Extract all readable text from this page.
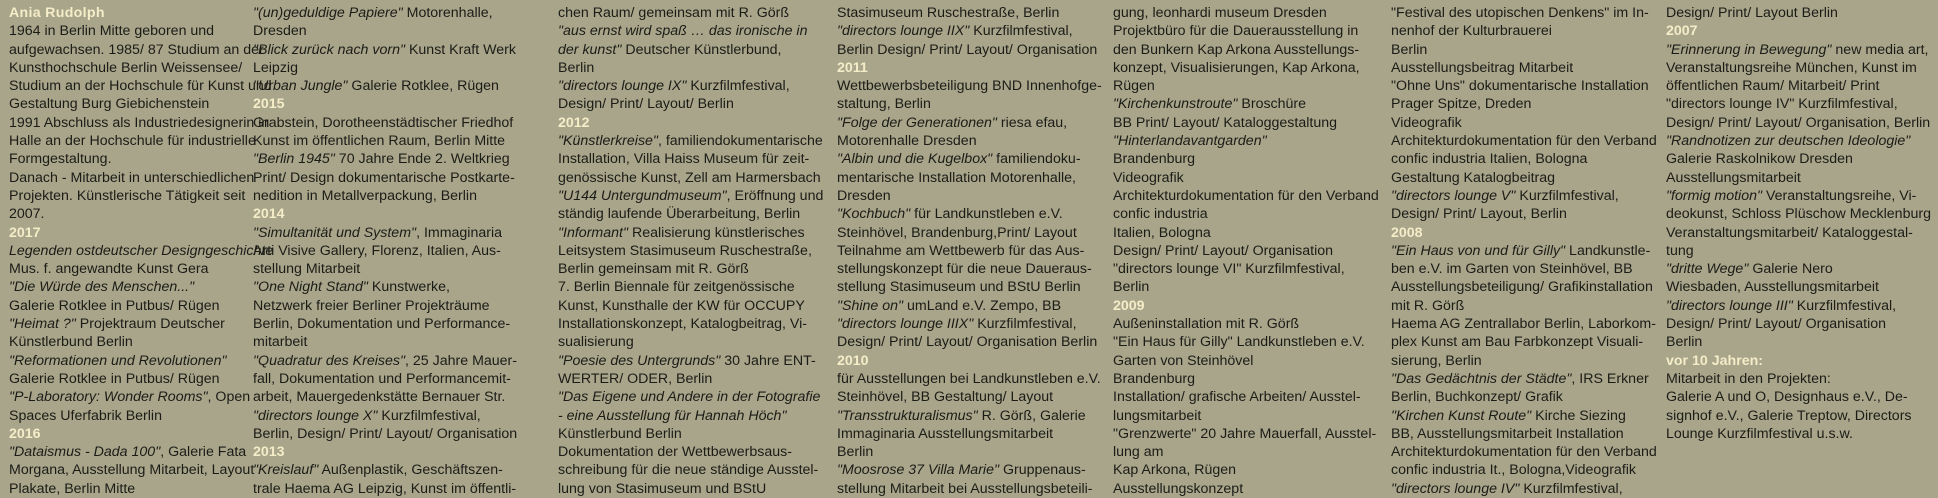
Ania Rudolph
1964 in Berlin Mitte geboren und
aufgewachsen. 1985/ 87 Studium an der
Kunsthochschule Berlin Weissensee/
Studium an der Hochschule für Kunst und
Gestaltung Burg Giebichenstein
1991 Abschluss als Industriedesignerin in
Halle an der Hochschule für industrielle
Formgestaltung.
Danach - Mitarbeit in unterschiedlichen
Projekten. Künstlerische Tätigkeit seit
2007.
2017
Legenden ostdeutscher Designgeschichte
Mus. f. angewandte Kunst Gera
"Die Würde des Menschen..."
Galerie Rotklee in Putbus/ Rügen
"Heimat ?" Projektraum Deutscher
Künstlerbund Berlin
"Reformationen und Revolutionen"
Galerie Rotklee in Putbus/ Rügen
"P-Laboratory: Wonder Rooms", Open
Spaces Uferfabrik Berlin
2016
"Dataismus - Dada 100", Galerie Fata
Morgana, Ausstellung Mitarbeit, Layout
Plakate, Berlin Mitte
"(un)geduldige Papiere" Motorenhalle,
Dresden
"Blick zurück nach vorn" Kunst Kraft Werk
Leipzig
"Urban Jungle" Galerie Rotklee, Rügen
2015
Grabstein, Dorotheenstädtischer Friedhof
Kunst im öffentlichen Raum, Berlin Mitte
"Berlin 1945" 70 Jahre Ende 2. Weltkrieg
Print/ Design dokumentarische Postkarte-
nedition in Metallverpackung, Berlin
2014
"Simultanität und System", Immaginaria
Arti Visive Gallery, Florenz, Italien, Aus-
stellung Mitarbeit
"One Night Stand" Kunstwerke,
Netzwerk freier Berliner Projekträume
Berlin, Dokumentation und Performance-
mitarbeit
"Quadratur des Kreises", 25 Jahre Mauer-
fall, Dokumentation und Performancemit-
arbeit, Mauergedenkstätte Bernauer Str.
"directors lounge X" Kurzfilmfestival,
Berlin, Design/ Print/ Layout/ Organisation
2013
"Kreislauf" Außenplastik, Geschäftszen-
trale Haema AG Leipzig, Kunst im öffentli-
chen Raum/ gemeinsam mit R. Görß
"aus ernst wird spaß … das ironische in
der kunst" Deutscher Künstlerbund,
Berlin
"directors lounge IX" Kurzfilmfestival,
Design/ Print/ Layout/ Berlin
2012
"Künstlerkreise", familiendokumentarische
Installation, Villa Haiss Museum für zeit-
genössische Kunst, Zell am Harmersbach
"U144 Untergundmuseum", Eröffnung und
ständig laufende Überarbeitung, Berlin
"Informant" Realisierung künstlerisches
Leitsystem Stasimuseum Ruschestraße,
Berlin gemeinsam mit R. Görß
7. Berlin Biennale für zeitgenössische
Kunst, Kunsthalle der KW für OCCUPY
Installationskonzept, Katalogbeitrag, Vi-
sualisierung
"Poesie des Untergrunds" 30 Jahre ENT-
WERTER/ ODER, Berlin
"Das Eigene und Andere in der Fotografie
- eine Ausstellung für Hannah Höch"
Künstlerbund Berlin
Dokumentation der Wettbewerbsaus-
schreibung für die neue ständige Ausstel-
lung von Stasimuseum und BStU
Stasimuseum Ruschestraße, Berlin
"directors lounge IIX" Kurzfilmfestival,
Berlin Design/ Print/ Layout/ Organisation
2011
Wettbewerbsbeteiligung BND Innenhofge-
staltung, Berlin
"Folge der Generationen" riesa efau,
Motorenhalle Dresden
"Albin und die Kugelbox" familiendoku-
mentarische Installation Motorenhalle,
Dresden
"Kochbuch" für Landkunstleben e.V.
Steinhövel, Brandenburg,Print/ Layout
Teilnahme am Wettbewerb für das Aus-
stellungskonzept für die neue Daueraus-
stellung Stasimuseum und BStU Berlin
"Shine on" umLand e.V. Zempo, BB
"directors lounge IIIX" Kurzfilmfestival,
Design/ Print/ Layout/ Organisation Berlin
2010
für Ausstellungen bei Landkunstleben e.V.
Steinhövel, BB Gestaltung/ Layout
"Transstrukturalismus" R. Görß, Galerie
Immaginaria Ausstellungsmitarbeit
Berlin
"Moosrose 37 Villa Marie" Gruppenaus-
stellung Mitarbeit bei Ausstellungsbeteili-
gung, leonhardi museum Dresden
Projektbüro für die Dauerausstellung in
den Bunkern Kap Arkona Ausstellungs-
konzept, Visualisierungen, Kap Arkona,
Rügen
"Kirchenkunstroute" Broschüre
BB Print/ Layout/ Kataloggestaltung
"Hinterlandavantgarden"
Brandenburg
Videografik
Architekturdokumentation für den Verband
confic industria
Italien, Bologna
Design/ Print/ Layout/ Organisation
"directors lounge VI" Kurzfilmfestival,
Berlin
2009
Außeninstallation mit R. Görß
"Ein Haus für Gilly" Landkunstleben e.V.
Garten von Steinhövel
Brandenburg
Installation/ grafische Arbeiten/ Ausstel-
lungsmitarbeit
"Grenzwerte" 20 Jahre Mauerfall, Ausstel-
lung am
Kap Arkona, Rügen
Ausstellungskonzept
"Festival des utopischen Denkens" im In-
nenhof der Kulturbrauerei
Berlin
Ausstellungsbeitrag Mitarbeit
"Ohne Uns" dokumentarische Installation
Prager Spitze, Dreden
Videografik
Architekturdokumentation für den Verband
confic industria Italien, Bologna
Gestaltung Katalogbeitrag
"directors lounge V" Kurzfilmfestival,
Design/ Print/ Layout, Berlin
2008
"Ein Haus von und für Gilly" Landkunstle-
ben e.V. im Garten von Steinhövel, BB
Ausstellungsbeteiligung/ Grafikinstallation
mit R. Görß
Haema AG Zentrallabor Berlin, Laborkom-
plex Kunst am Bau Farbkonzept Visuali-
sierung, Berlin
"Das Gedächtnis der Städte", IRS Erkner
Berlin, Buchkonzept/ Grafik
"Kirchen Kunst Route" Kirche Siezing
BB, Ausstellungsmitarbeit Installation
Architekturdokumentation für den Verband
confic industria It., Bologna,Videografik
"directors lounge IV" Kurzfilmfestival,
Design/ Print/ Layout Berlin
2007
"Erinnerung in Bewegung" new media art,
Veranstaltungsreihe München, Kunst im
öffentlichen Raum/ Mitarbeit/ Print
"directors lounge IV" Kurzfilmfestival,
Design/ Print/ Layout/ Organisation, Berlin
"Randnotizen zur deutschen Ideologie"
Galerie Raskolnikow Dresden
Ausstellungsmitarbeit
"formig motion" Veranstaltungsreihe, Vi-
deokunst, Schloss Plüschow Mecklenburg
Veranstaltungsmitarbeit/ Kataloggestal-
tung
"dritte Wege" Galerie Nero
Wiesbaden, Ausstellungsmitarbeit
"directors lounge III" Kurzfilmfestival,
Design/ Print/ Layout/ Organisation
Berlin
vor 10 Jahren:
Mitarbeit in den Projekten:
Galerie A und O, Designhaus e.V., De-
signhof e.V., Galerie Treptow, Directors
Lounge Kurzfilmfestival u.s.w.
